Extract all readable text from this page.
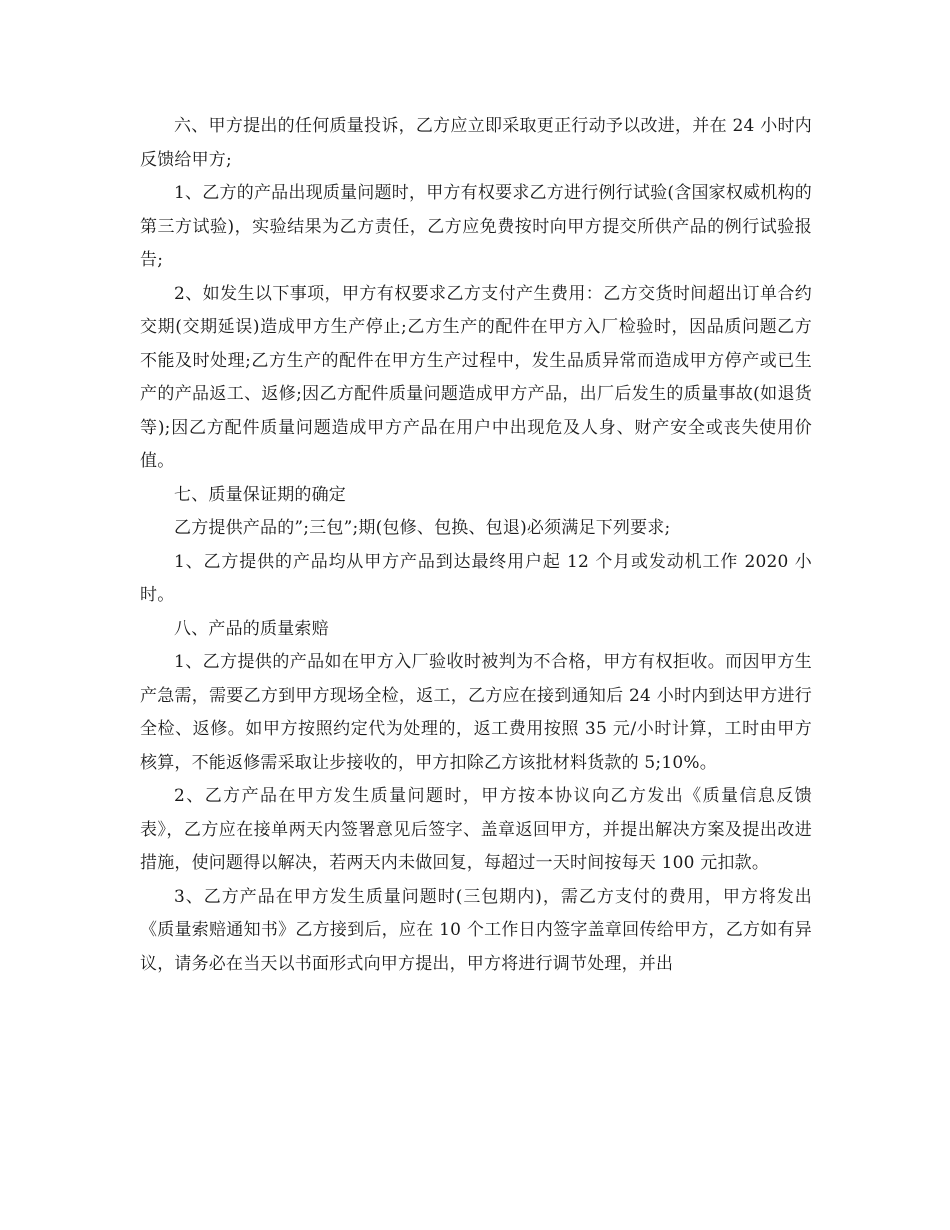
六、甲方提出的任何质量投诉，乙方应立即采取更正行动予以改进，并在 24 小时内反馈给甲方;

1、乙方的产品出现质量问题时，甲方有权要求乙方进行例行试验(含国家权威机构的第三方试验)，实验结果为乙方责任，乙方应免费按时向甲方提交所供产品的例行试验报告;

2、如发生以下事项，甲方有权要求乙方支付产生费用：乙方交货时间超出订单合约交期(交期延误)造成甲方生产停止;乙方生产的配件在甲方入厂检验时，因品质问题乙方不能及时处理;乙方生产的配件在甲方生产过程中，发生品质异常而造成甲方停产或已生产的产品返工、返修;因乙方配件质量问题造成甲方产品，出厂后发生的质量事故(如退货等);因乙方配件质量问题造成甲方产品在用户中出现危及人身、财产安全或丧失使用价值。

七、质量保证期的确定

乙方提供产品的”;三包”;期(包修、包换、包退)必须满足下列要求;

1、乙方提供的产品均从甲方产品到达最终用户起 12 个月或发动机工作 2020 小时。

八、产品的质量索赔

1、乙方提供的产品如在甲方入厂验收时被判为不合格，甲方有权拒收。而因甲方生产急需，需要乙方到甲方现场全检，返工，乙方应在接到通知后 24 小时内到达甲方进行全检、返修。如甲方按照约定代为处理的，返工费用按照 35 元/小时计算，工时由甲方核算，不能返修需采取让步接收的，甲方扣除乙方该批材料货款的 5;10%。

2、乙方产品在甲方发生质量问题时，甲方按本协议向乙方发出《质量信息反馈表》，乙方应在接单两天内签署意见后签字、盖章返回甲方，并提出解决方案及提出改进措施，使问题得以解决，若两天内未做回复，每超过一天时间按每天 100 元扣款。

3、乙方产品在甲方发生质量问题时(三包期内)，需乙方支付的费用，甲方将发出《质量索赔通知书》乙方接到后，应在 10 个工作日内签字盖章回传给甲方，乙方如有异议，请务必在当天以书面形式向甲方提出，甲方将进行调节处理，并出
